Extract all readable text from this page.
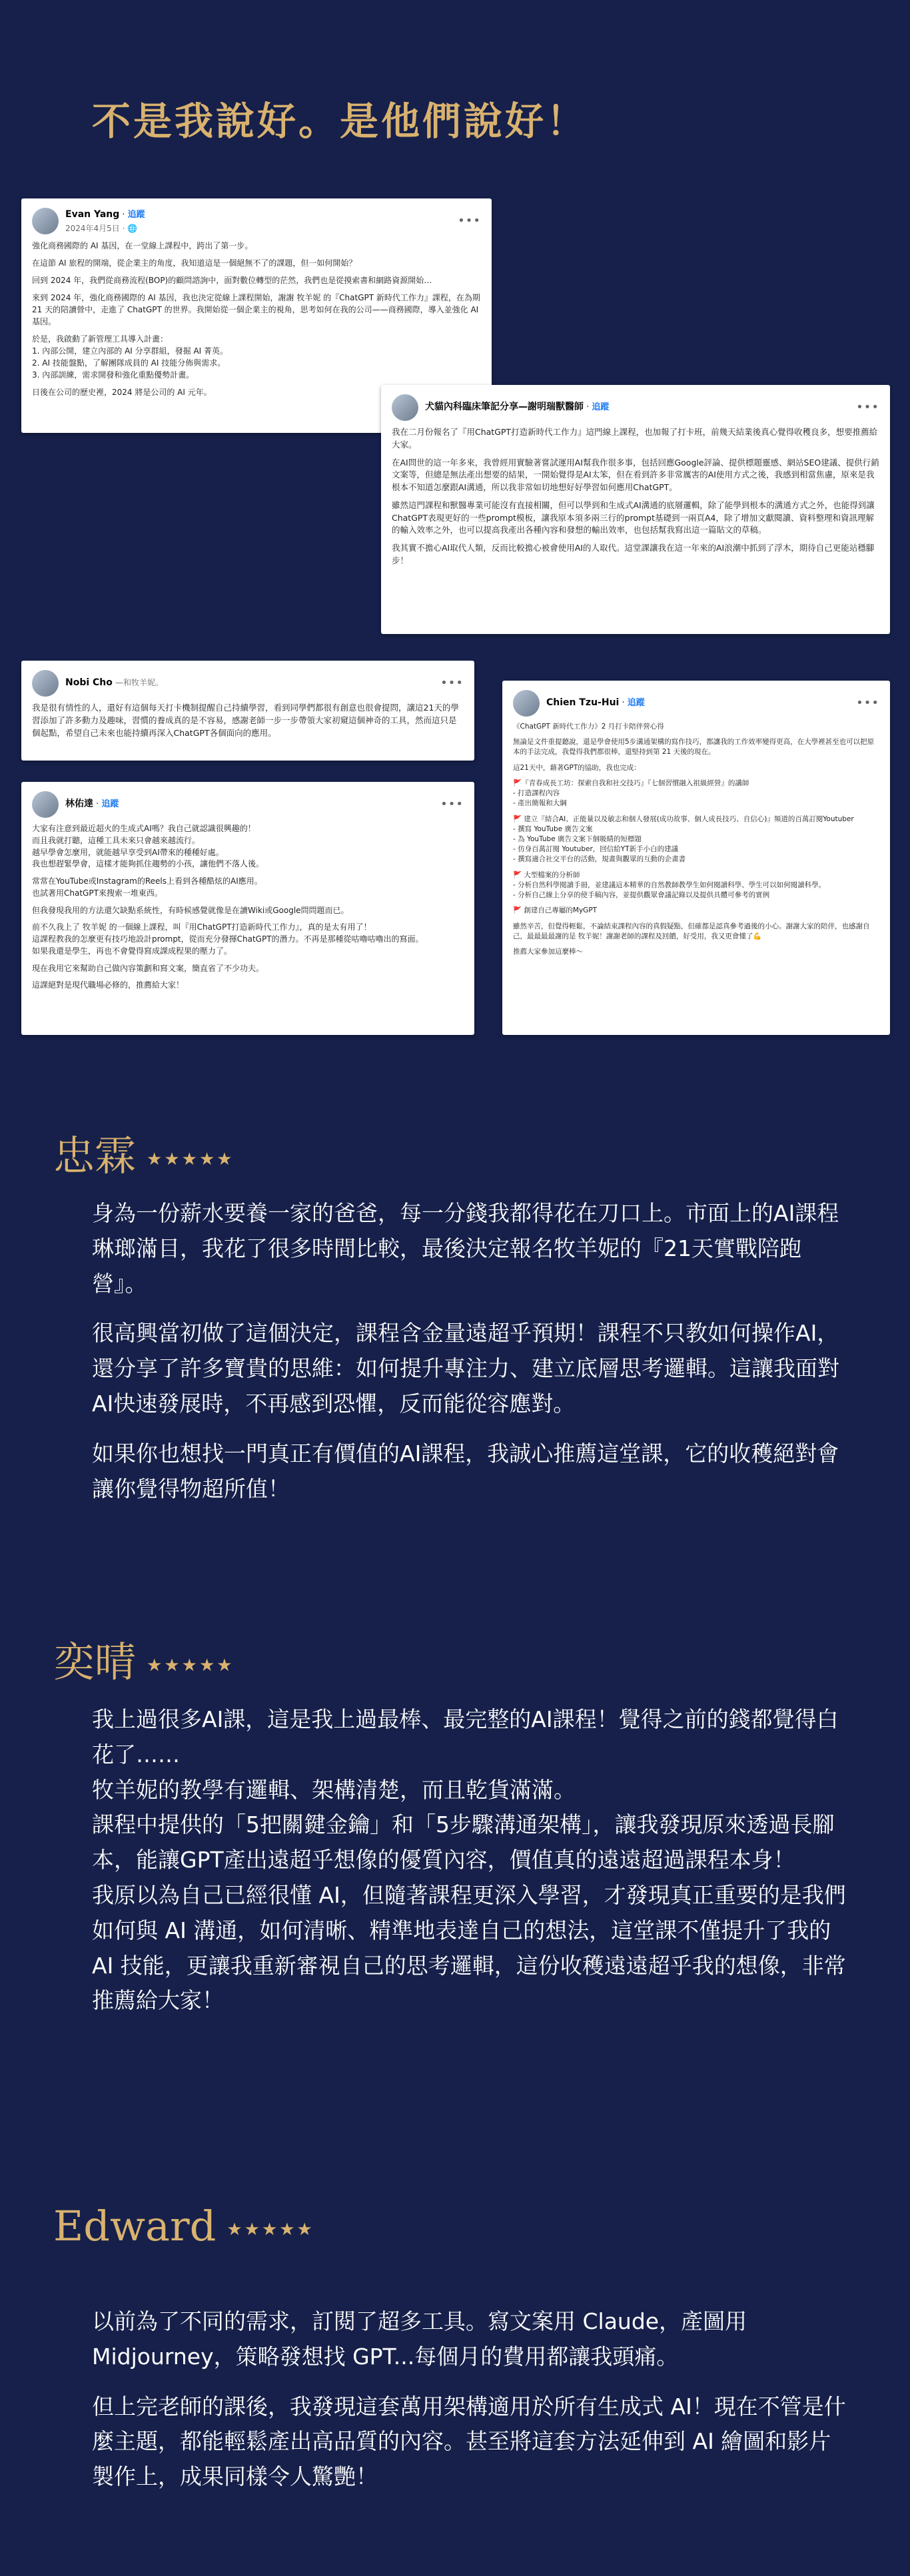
不是我說好。是他們說好！
Evan Yang · 追蹤
2024年4月5日 · 🌐
•••

強化商務國際的 AI 基因，在一堂線上課程中，跨出了第一步。

在這節 AI 旅程的開端，從企業主的角度，我知道這是一個絕無不了的課題，但一如何開始？

回到 2024 年，我們從商務流程(BOP)的顧問諮詢中，面對數位轉型的茫然，我們也是從摸索書和網路資源開始…

來到 2024 年，強化商務國際的 AI 基因，我也決定從線上課程開始，謝謝 牧羊妮 的『ChatGPT 新時代工作力』課程，在為期 21 天的陪讀營中，走進了 ChatGPT 的世界。我開始從一個企業主的視角，思考如何在我的公司——商務國際，導入並強化 AI 基因。

於是，我啟動了新管理工具導入計畫：
1. 內部公開，建立內部的 AI 分享群組，發掘 AI 菁英。
2. AI 技能盤點，了解團隊成員的 AI 技能分佈與需求。

3. 內部訓練，需求開發和強化重點優勢計畫。

日後在公司的歷史裡，2024 將是公司的 AI 元年。

犬貓內科臨床筆記分享—謝明瑞獸醫師 · 追蹤	•••

我在二月份報名了『用ChatGPT打造新時代工作力』這門線上課程，也加報了打卡班，前幾天結業後真心覺得收穫良多，想要推薦給大家。

在AI問世的這一年多來，我曾經用實驗著嘗試運用AI幫我作很多事，包括回應Google評論、提供標題靈感、網站SEO建議、提供行銷文案等，但總是無法產出想要的結果，一開始覺得是AI太笨，但在看到許多非常厲害的AI使用方式之後，我感到相當焦慮，原來是我根本不知道怎麼跟AI溝通，所以我非常如切地想好好學習如何應用ChatGPT。

雖然這門課程和獸醫專業可能沒有直接相關，但可以學到和生成式AI溝通的底層邏輯，除了能學到根本的溝通方式之外，也能得到讓ChatGPT表現更好的一些prompt模板，讓我原本須多兩三行的prompt基礎到一兩頁A4，除了增加文獻閱讀、資料整理和資訊理解的輸入效率之外，也可以提高我產出各種內容和發想的輸出效率，也包括幫我寫出這一篇貼文的草稿。

我其實不擔心AI取代人類，反而比較擔心被會使用AI的人取代。這堂課讓我在這一年來的AI浪潮中抓到了浮木，期待自己更能站穩腳步！

Nobi Cho —和牧羊妮。	•••

我是很有情性的人，還好有這個每天打卡機制提醒自己持續學習，看到同學們都很有創意也很會提問，讓這21天的學習添加了許多動力及趣味，習慣的養成真的是不容易，感謝老師一步一步帶領大家初窺這個神奇的工具，然而這只是個起點，希望自己未來也能持續再深入ChatGPT各個面向的應用。

林佑達 · 追蹤	•••
大家有注意到最近超火的生成式AI嗎？我自己就認識很興趣的！
而且我就打聽，這種工具未來只會越來越流行。
越早學會怎麼用，就能越早享受到AI帶來的種種好處。

我也想趕緊學會，這樣才能夠抓住趨勢的小孩，讓他們不落人後。

常常在YouTube或Instagram的Reels上看到各種酷炫的AI應用。

也試著用ChatGPT來搜索一堆東西。

但我發現我用的方法還欠缺點系統性，有時候感覺就像是在讀Wiki或Google問問題而已。

前不久我上了 牧羊妮 的一個線上課程，叫『用ChatGPT打造新時代工作力』，真的是太有用了！
這課程教我的怎麼更有技巧地設計prompt，從而充分發揮ChatGPT的潛力。不再是那種從咕嚕咕嚕出的寫面。

如果我還是學生，再也不會覺得寫成課成程果的壓力了。

現在我用它來幫助自己做內容策劃和寫文案，簡直省了不少功夫。

這課絕對是現代職場必修的，推薦給大家！
Chien Tzu-Hui · 追蹤	•••

《ChatGPT 新時代工作力》2 月打卡陪伴營心得

無論是文件重提聽說，還是學會使用5步溝通架構的寫作技巧，都讓我的工作效率變得更高，在大學裡甚至也可以把原本的手法完成，我覺得我們都很棒，還堅持到第 21 天後的現在。

這21天中，藉著GPT的協助，我也完成：

🚩『青春成長工坊：探索自我和社交技巧』『七個習慣融入祖級經營』的講師
- 打造課程內容

- 產出簡報和大綱

🚩 建立『結合AI、正能量以及敏志和個人發展(成功故事、個人成長技巧、自信心)』頻道的百萬訂閱Youtuber
- 撰寫 YouTube 廣告文案
- 為 YouTube 廣告文案下個吸睛的短標題
- 仿身百萬訂閱 Youtuber，回信給YT新手小白的建議

- 撰寫適合社交平台的活動，規畫與觀眾的互動的企畫書

🚩 大型檔案的分析師
- 分析自然科學閱讀手冊，並建議這本精華的自然教師教學生如何閱讀科學、學生可以如何閱讀科學。

- 分析自己線上分享的使手稿內容，並提供觀眾會議記錄以及提供具體可參考的實例

🚩 創建自己專屬的MyGPT

雖然辛苦，但覺得輕鬆，不論結束課程內容的真假疑點，但確都是認真參考過後的小心。謝謝大家的陪伴，也感謝自己，最最最最謝的是 牧羊妮！謝謝老師的課程及回饋，好受用，我又更會懂了💪

推薦大家參加這麼棒～
忠霖 ★★★★★

身為一份薪水要養一家的爸爸，每一分錢我都得花在刀口上。市面上的AI課程琳瑯滿目，我花了很多時間比較，最後決定報名牧羊妮的『21天實戰陪跑營』。

很高興當初做了這個決定，課程含金量遠超乎預期！課程不只教如何操作AI，還分享了許多寶貴的思維：如何提升專注力、建立底層思考邏輯。這讓我面對AI快速發展時，不再感到恐懼，反而能從容應對。

如果你也想找一門真正有價值的AI課程，我誠心推薦這堂課，它的收穫絕對會讓你覺得物超所值！

奕晴 ★★★★★

我上過很多AI課，這是我上過最棒、最完整的AI課程！覺得之前的錢都覺得白花了……

牧羊妮的教學有邏輯、架構清楚，而且乾貨滿滿。

課程中提供的「5把關鍵金鑰」和「5步驟溝通架構」，讓我發現原來透過長腳本，能讓GPT產出遠超乎想像的優質內容，價值真的遠遠超過課程本身！

我原以為自己已經很懂 AI，但隨著課程更深入學習，才發現真正重要的是我們如何與 AI 溝通，如何清晰、精準地表達自己的想法，這堂課不僅提升了我的 AI 技能，更讓我重新審視自己的思考邏輯，這份收穫遠遠超乎我的想像，非常推薦給大家！

Edward ★★★★★

以前為了不同的需求，訂閱了超多工具。寫文案用 Claude，產圖用 Midjourney，策略發想找 GPT...每個月的費用都讓我頭痛。

但上完老師的課後，我發現這套萬用架構適用於所有生成式 AI！現在不管是什麼主題，都能輕鬆產出高品質的內容。甚至將這套方法延伸到 AI 繪圖和影片製作上，成果同樣令人驚艷！
